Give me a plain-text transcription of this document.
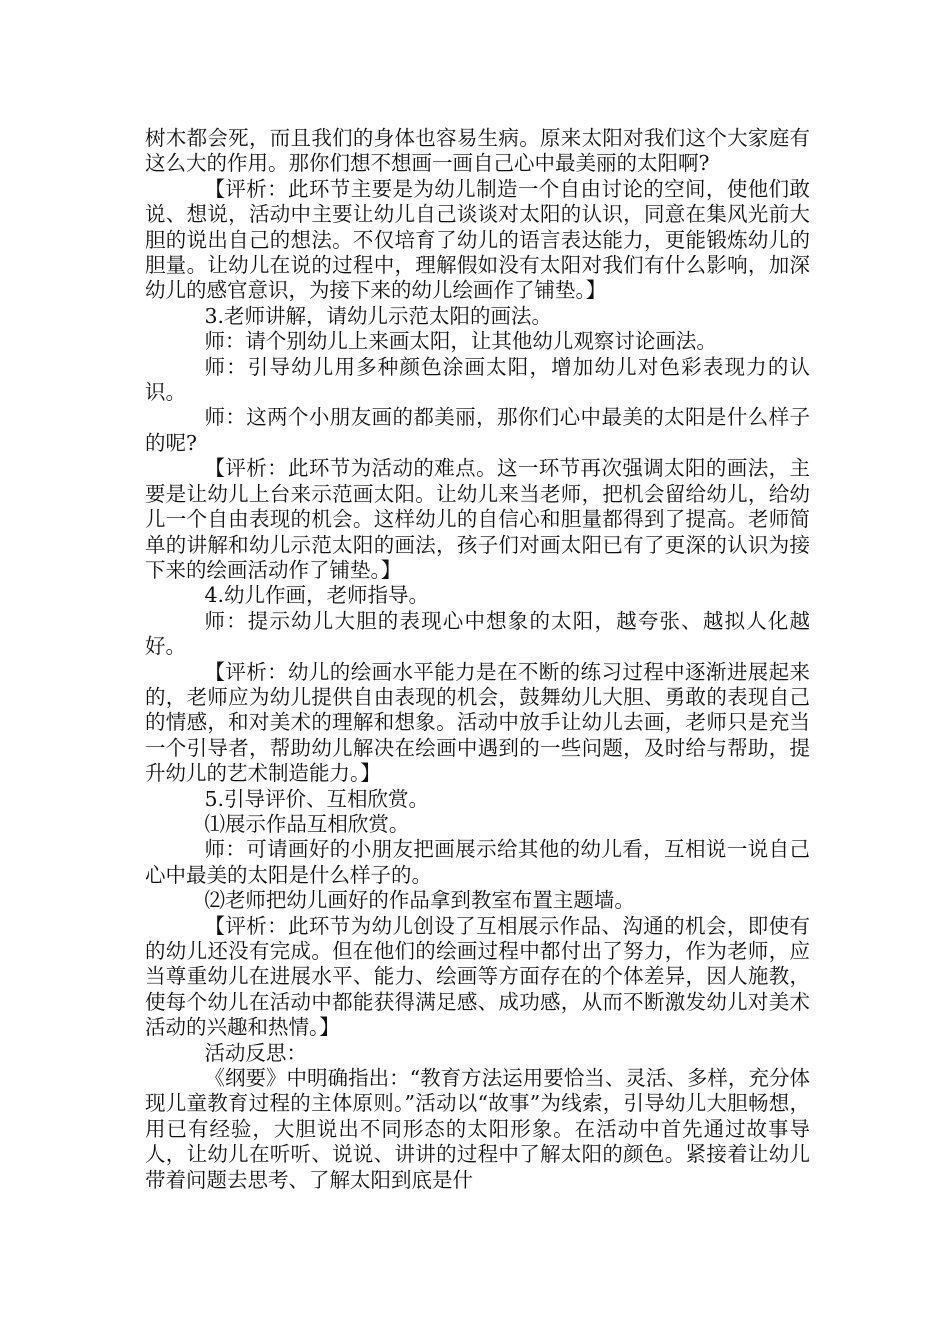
树木都会死，而且我们的身体也容易生病。原来太阳对我们这个大家庭有这么大的作用。那你们想不想画一画自己心中最美丽的太阳啊?

【评析：此环节主要是为幼儿制造一个自由讨论的空间，使他们敢说、想说，活动中主要让幼儿自己谈谈对太阳的认识，同意在集风光前大胆的说出自己的想法。不仅培育了幼儿的语言表达能力，更能锻炼幼儿的胆量。让幼儿在说的过程中，理解假如没有太阳对我们有什么影响，加深幼儿的感官意识，为接下来的幼儿绘画作了铺垫。】

3.老师讲解，请幼儿示范太阳的画法。

师：请个别幼儿上来画太阳，让其他幼儿观察讨论画法。

师：引导幼儿用多种颜色涂画太阳，增加幼儿对色彩表现力的认识。

师：这两个小朋友画的都美丽，那你们心中最美的太阳是什么样子的呢?

【评析：此环节为活动的难点。这一环节再次强调太阳的画法，主要是让幼儿上台来示范画太阳。让幼儿来当老师，把机会留给幼儿，给幼儿一个自由表现的机会。这样幼儿的自信心和胆量都得到了提高。老师简单的讲解和幼儿示范太阳的画法，孩子们对画太阳已有了更深的认识为接下来的绘画活动作了铺垫。】

4.幼儿作画，老师指导。

师：提示幼儿大胆的表现心中想象的太阳，越夸张、越拟人化越好。

【评析：幼儿的绘画水平能力是在不断的练习过程中逐渐进展起来的，老师应为幼儿提供自由表现的机会，鼓舞幼儿大胆、勇敢的表现自己的情感，和对美术的理解和想象。活动中放手让幼儿去画，老师只是充当一个引导者，帮助幼儿解决在绘画中遇到的一些问题，及时给与帮助，提升幼儿的艺术制造能力。】

5.引导评价、互相欣赏。

⑴展示作品互相欣赏。

师：可请画好的小朋友把画展示给其他的幼儿看，互相说一说自己心中最美的太阳是什么样子的。

⑵老师把幼儿画好的作品拿到教室布置主题墙。

【评析：此环节为幼儿创设了互相展示作品、沟通的机会，即使有的幼儿还没有完成。但在他们的绘画过程中都付出了努力，作为老师，应当尊重幼儿在进展水平、能力、绘画等方面存在的个体差异，因人施教，使每个幼儿在活动中都能获得满足感、成功感，从而不断激发幼儿对美术活动的兴趣和热情。】

活动反思：

《纲要》中明确指出：“教育方法运用要恰当、灵活、多样，充分体现儿童教育过程的主体原则。”活动以“故事”为线索，引导幼儿大胆畅想，用已有经验，大胆说出不同形态的太阳形象。在活动中首先通过故事导人，让幼儿在听听、说说、讲讲的过程中了解太阳的颜色。紧接着让幼儿带着问题去思考、了解太阳到底是什
